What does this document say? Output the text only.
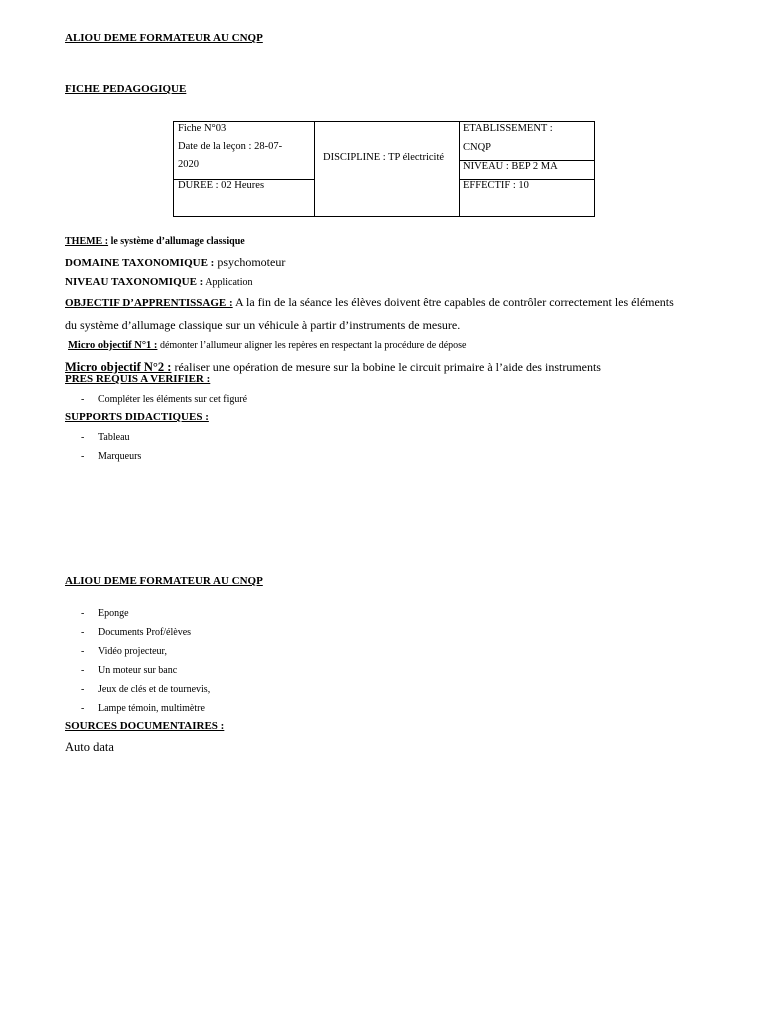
ALIOU DEME FORMATEUR AU CNQP
FICHE PEDAGOGIQUE
Fiche N°03
Date de la leçon : 28-07-
2020
DUREE : 02 Heures
DISCIPLINE : TP électricité
ETABLISSEMENT :
CNQP
NIVEAU : BEP 2 MA
EFFECTIF : 10
THEME : le système d’allumage classique
DOMAINE TAXONOMIQUE : psychomoteur
NIVEAU TAXONOMIQUE : Application
OBJECTIF D’APPRENTISSAGE : A la fin de la séance les élèves doivent être capables de contrôler correctement les éléments
du système d’allumage classique sur un véhicule à partir d’instruments de mesure.
Micro objectif N°1 : démonter l’allumeur aligner les repères en respectant la procédure de dépose
Micro objectif N°2 : réaliser une opération de mesure sur la bobine le circuit primaire à l’aide des instruments
PRES REQUIS A VERIFIER :
- Compléter les éléments sur cet figuré
SUPPORTS DIDACTIQUES :
- Tableau
- Marqueurs
ALIOU DEME FORMATEUR AU CNQP
- Eponge
- Documents Prof/élèves
- Vidéo projecteur,
- Un moteur sur banc
- Jeux de clés et de tournevis,
- Lampe témoin, multimètre
SOURCES DOCUMENTAIRES :
Auto data
